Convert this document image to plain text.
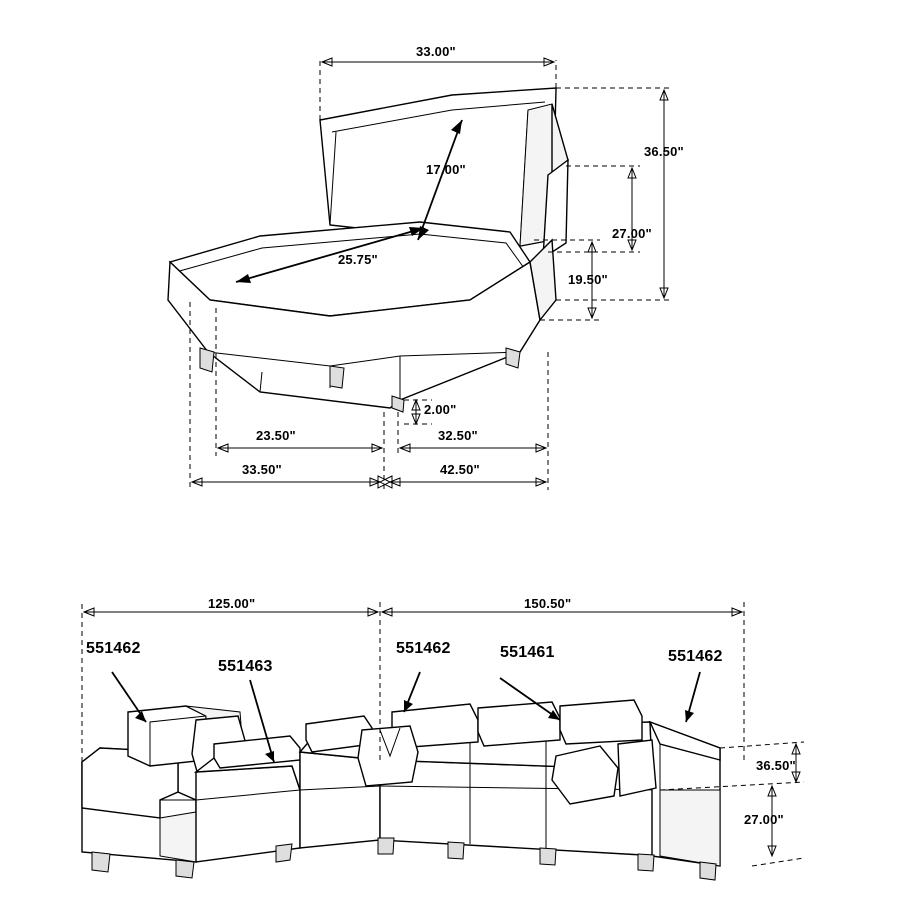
33.00"
17.00"
25.75"
36.50"
27.00"
19.50"
2.00"
23.50"	32.50"
33.50"	42.50"
125.00"	150.50"
36.50"
27.00"
551462
551463
551462	551461	551462
